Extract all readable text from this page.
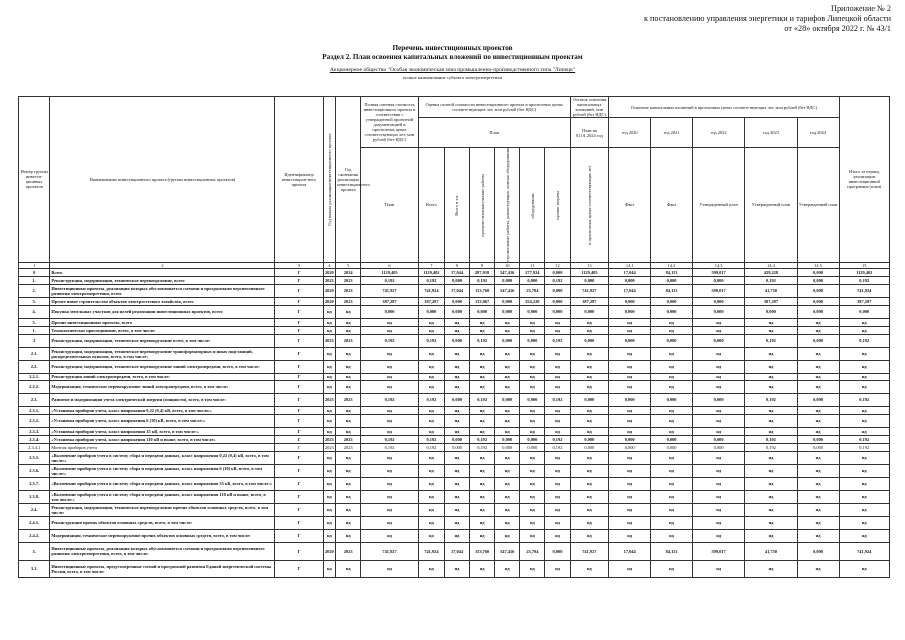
Приложение № 2
к постановлению управления энергетики и тарифов Липецкой области
от «28» октября 2022 г. № 43/1
Перечень инвестиционных проектов
Раздел 2. План освоения капитальных вложений по инвестиционным проектам
Акционерное общество "Особая экономическая зона промышленно-производственного типа "Липецк"
полное наименование субъекта электроэнергетики
Номер группы инвести-ционных проектов	Наименование инвестиционного проекта (группы инвестиционных проектов)	Идентификатор инвестицион-ного проекта	Год начала реализации инвестиционного проекта	Год окончания реализации инвестиционного проекта	Полная сметная стоимость инвестиционного проекта в соответствии с утвержденной проектной документацией в прогнозных ценах соответствующих лет, млн рублей (без НДС)	Оценка полной стоимости инвестиционного проекта в прогнозных ценах соответствующих лет, млн рублей (без НДС)						Остаток освоения капитальных вложений, млн рублей (без НДС)	Освоение капитальных вложений в прогнозных ценах соответствующих лет, млн рублей (без НДС)					Итого за период реализации инвестиционной программы (план)
						План						План на 01.01.2024 год	год 2020	год 2021	год 2022	год 2023	год 2024	
					План	Всего	Всего в т.ч.	проектно-изыскательские работы	строительные работы, реконструкция, монтаж оборудования	оборудование	прочие затраты	в прогнозных ценах соответствующих лет	Факт	Факт	Утвержденный план	Утвержденный план	Утвержденный план	
1	2	3	4	5	6	7	8	9	10	11	12	13	14.1	14.2	14.3	14.4	14.5	15
0	Всего	Г	2020	2024	1129,405	1129,402	17,044	287,018	547,416	277,924	0,000	1129,405	17,044	84,113	599,017	429,228	0,000	1129,402
1.	Реконструкция, модернизация, техническое перевооружение, всего	Г	2023	2023	0,192	0,192	0,000	0,192	0,000	0,000	0,192	0,000	0,000	0,000	0,000	0,192	0,000	0,192
2.	Инвестиционные проекты, реализация которых обусловливается схемами и программами перспективного развития электроэнергетики, всего	Г	2020	2023	741,927	741,924	17,044	153,760	547,416	23,704	0,000	741,927	17,044	84,113	599,017	41,750	0,000	741,924
3.	Прочее новое строительство объектов электросетевого хозяйства, всего	Г	2020	2023	387,287	387,287	0,000	133,067	0,000	254,220	0,000	387,287	0,000	0,000	0,000	387,287	0,000	387,287
4.	Покупка земельных участков для целей реализации инвестиционных проектов, всего	Г	нд	нд	0,000	0,000	0,000	0,000	0,000	0,000	0,000	0,000	0,000	0,000	0,000	0,000	0,000	0,000
5.	Прочие инвестиционные проекты, всего	Г	нд	нд	нд	нд	нд	нд	нд	нд	нд	нд	нд	нд	нд	нд	нд	нд
1.	Технологическое присоединение, всего, в том числе:	Г	нд	нд	нд	нд	нд	нд	нд	нд	нд	нд	нд	нд	нд	нд	нд	нд
2	Реконструкция, модернизация, техническое перевооружение всего, в том числе:	Г	2023	2023	0,192	0,192	0,000	0,192	0,000	0,000	0,192	0,000	0,000	0,000	0,000	0,192	0,000	0,192
2.1.	Реконструкция, модернизация, техническое перевооружение трансформаторных и иных подстанций, распределительных пунктов, всего, в том числе:	Г	нд	нд	нд	нд	нд	нд	нд	нд	нд	нд	нд	нд	нд	нд	нд	нд
2.2.	Реконструкция, модернизация, техническое перевооружение линий электропередачи, всего, в том числе:	Г	нд	нд	нд	нд	нд	нд	нд	нд	нд	нд	нд	нд	нд	нд	нд	нд
2.2.1.	Реконструкция линий электропередачи, всего, в том числе:	Г	нд	нд	нд	нд	нд	нд	нд	нд	нд	нд	нд	нд	нд	нд	нд	нд
2.2.2.	Модернизация, техническое перевооружение линий электропередачи, всего, в том числе:	Г	нд	нд	нд	нд	нд	нд	нд	нд	нд	нд	нд	нд	нд	нд	нд	нд
2.3.	Развитие и модернизация учета электрической энергии (мощности), всего, в том числе:	Г	2023	2023	0,192	0,192	0,000	0,192	0,000	0,000	0,192	0,000	0,000	0,000	0,000	0,192	0,000	0,192
2.3.1.	«Установка приборов учета, класс напряжения 0,22 (0,4) кВ, всего, в том числе:»	Г	нд	нд	нд	нд	нд	нд	нд	нд	нд	нд	нд	нд	нд	нд	нд	нд
2.3.2.	«Установка приборов учета, класс напряжения 6 (10) кВ, всего, в том числе:»	Г	нд	нд	нд	нд	нд	нд	нд	нд	нд	нд	нд	нд	нд	нд	нд	нд
2.3.3.	«Установка приборов учета, класс напряжения 35 кВ, всего, в том числе:»	Г	нд	нд	нд	нд	нд	нд	нд	нд	нд	нд	нд	нд	нд	нд	нд	нд
2.3.4.	«Установка приборов учета, класс напряжения 110 кВ и выше, всего, в том числе»	Г	2023	2023	0,192	0,192	0,000	0,192	0,000	0,000	0,192	0,000	0,000	0,000	0,000	0,192	0,000	0,192
2.3.4.1	Монтаж приборов учета	Г	2023	2023	0,192	0,192	0,000	0,192	0,000	0,000	0,192	0,000	0,000	0,000	0,000	0,192	0,000	0,192
2.3.5.	«Включение приборов учета в систему сбора и передачи данных, класс напряжения 0,22 (0,4) кВ, всего, в том числе:»	Г	нд	нд	нд	нд	нд	нд	нд	нд	нд	нд	нд	нд	нд	нд	нд	нд
2.3.6.	«Включение приборов учета в систему сбора и передачи данных, класс напряжения 6 (10) кВ, всего, в том числе:»	Г	нд	нд	нд	нд	нд	нд	нд	нд	нд	нд	нд	нд	нд	нд	нд	нд
2.3.7.	«Включение приборов учета в систему сбора и передачи данных, класс напряжения 35 кВ, всего, в том числе:»	Г	нд	нд	нд	нд	нд	нд	нд	нд	нд	нд	нд	нд	нд	нд	нд	нд
2.3.8.	«Включение приборов учета в систему сбора и передачи данных, класс напряжения 110 кВ и выше, всего, в том числе:»	Г	нд	нд	нд	нд	нд	нд	нд	нд	нд	нд	нд	нд	нд	нд	нд	нд
2.4.	Реконструкция, модернизация, техническое перевооружение прочих объектов основных средств, всего, в том числе:	Г	нд	нд	нд	нд	нд	нд	нд	нд	нд	нд	нд	нд	нд	нд	нд	нд
2.4.1.	Реконструкция прочих объектов основных средств, всего, в том числе:	Г	нд	нд	нд	нд	нд	нд	нд	нд	нд	нд	нд	нд	нд	нд	нд	нд
2.4.2.	Модернизация, техническое перевооружение прочих объектов основных средств, всего, в том числе:	Г	нд	нд	нд	нд	нд	нд	нд	нд	нд	нд	нд	нд	нд	нд	нд	нд
3.	Инвестиционные проекты, реализация которых обусловливается схемами и программами перспективного развития электроэнергетики, всего, в том числе:	Г	2020	2023	741,927	741,924	17,044	153,760	547,416	23,704	0,000	741,927	17,044	84,113	599,017	41,750	0,000	741,924
3.1.	Инвестиционные проекты, предусмотренные схемой и программой развития Единой энергетической системы России, всего, в том числе:	Г	нд	нд	нд	нд	нд	нд	нд	нд	нд	нд	нд	нд	нд	нд	нд	нд
